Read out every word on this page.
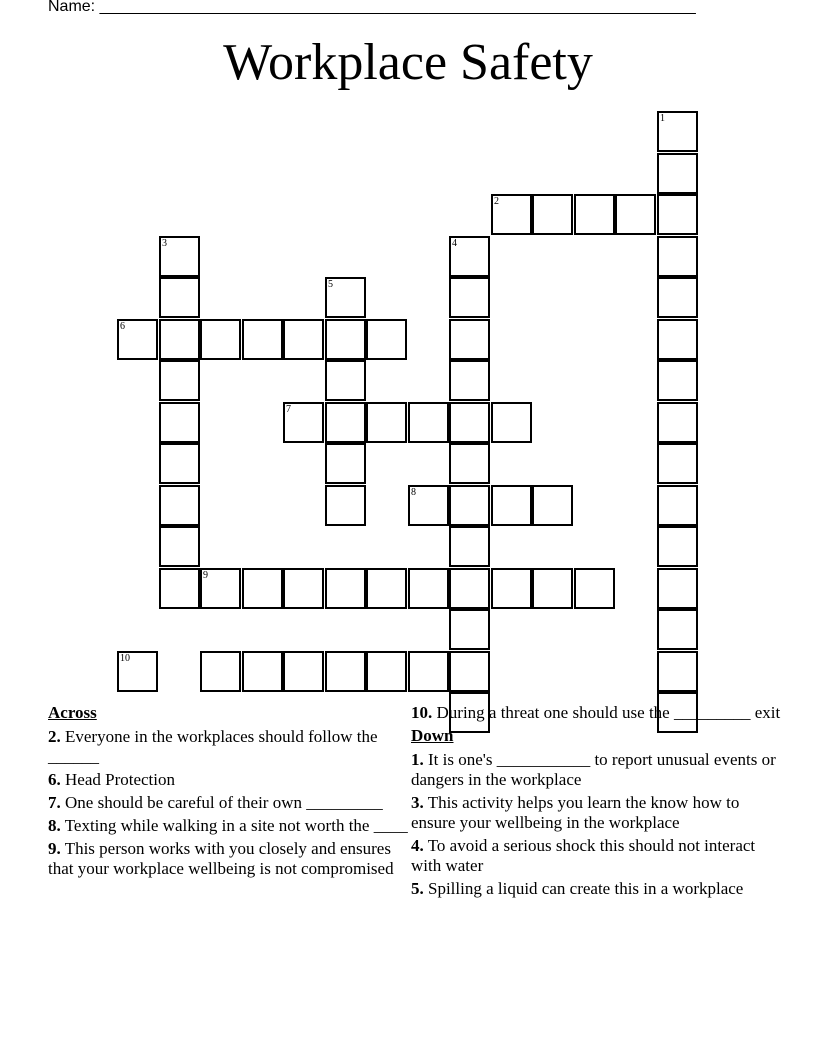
Name: ___________________________________________________________________
Workplace Safety
1
2
3	4
5
6
7
8
9
10
Across
2. Everyone in the workplaces should follow the ______
6. Head Protection
7. One should be careful of their own _________
8. Texting while walking in a site not worth the ____
9. This person works with you closely and ensures that your workplace wellbeing is not compromised
10. During a threat one should use the _________ exit
Down
1. It is one's ___________ to report unusual events or dangers in the workplace
3. This activity helps you learn the know how to ensure your wellbeing in the workplace
4. To avoid a serious shock this should not interact with water
5. Spilling a liquid can create this in a workplace
